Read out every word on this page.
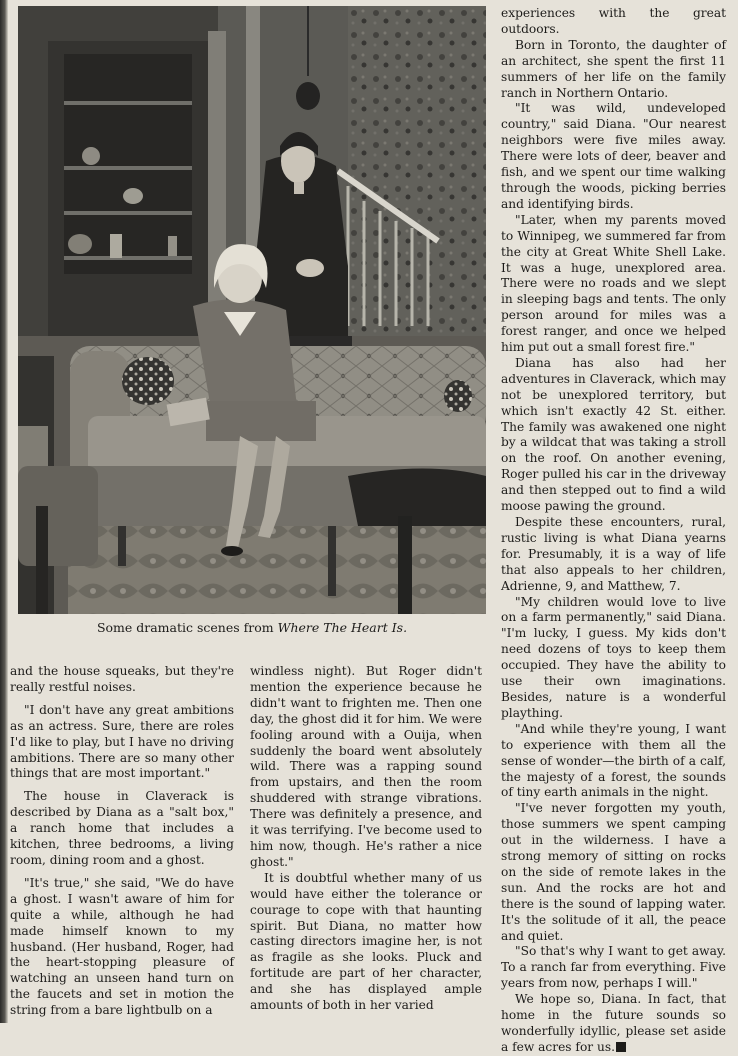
Some dramatic scenes from Where The Heart Is.

and the house squeaks, but they're really restful noises.

"I don't have any great ambitions as an actress. Sure, there are roles I'd like to play, but I have no driving ambitions. There are so many other things that are most important."

The house in Claverack is described by Diana as a "salt box," a ranch home that includes a kitchen, three bedrooms, a living room, dining room and a ghost.

"It's true," she said, "We do have a ghost. I wasn't aware of him for quite a while, although he had made himself known to my husband. (Her husband, Roger, had the heart-stopping pleasure of watching an unseen hand turn on the faucets and set in motion the string from a bare lightbulb on a

windless night). But Roger didn't mention the experience because he didn't want to frighten me. Then one day, the ghost did it for him. We were fooling around with a Ouija, when suddenly the board went absolutely wild. There was a rapping sound from upstairs, and then the room shuddered with strange vibrations. There was definitely a presence, and it was terrifying. I've become used to him now, though. He's rather a nice ghost."

It is doubtful whether many of us would have either the tolerance or courage to cope with that haunting spirit. But Diana, no matter how casting directors imagine her, is not as fragile as she looks. Pluck and fortitude are part of her character, and she has displayed ample amounts of both in her varied

experiences with the great outdoors.

Born in Toronto, the daughter of an architect, she spent the first 11 summers of her life on the family ranch in Northern Ontario.

"It was wild, undeveloped country," said Diana. "Our nearest neighbors were five miles away. There were lots of deer, beaver and fish, and we spent our time walking through the woods, picking berries and identifying birds.

"Later, when my parents moved to Winnipeg, we summered far from the city at Great White Shell Lake. It was a huge, unexplored area. There were no roads and we slept in sleeping bags and tents. The only person around for miles was a forest ranger, and once we helped him put out a small forest fire."

Diana has also had her adventures in Claverack, which may not be unexplored territory, but which isn't exactly 42 St. either. The family was awakened one night by a wildcat that was taking a stroll on the roof. On another evening, Roger pulled his car in the driveway and then stepped out to find a wild moose pawing the ground.

Despite these encounters, rural, rustic living is what Diana yearns for. Presumably, it is a way of life that also appeals to her children, Adrienne, 9, and Matthew, 7.

"My children would love to live on a farm permanently," said Diana. "I'm lucky, I guess. My kids don't need dozens of toys to keep them occupied. They have the ability to use their own imaginations. Besides, nature is a wonderful plaything.

"And while they're young, I want to experience with them all the sense of wonder—the birth of a calf, the majesty of a forest, the sounds of tiny earth animals in the night.

"I've never forgotten my youth, those summers we spent camping out in the wilderness. I have a strong memory of sitting on rocks on the side of remote lakes in the sun. And the rocks are hot and there is the sound of lapping water. It's the solitude of it all, the peace and quiet.

"So that's why I want to get away. To a ranch far from everything. Five years from now, perhaps I will."

We hope so, Diana. In fact, that home in the future sounds so wonderfully idyllic, please set aside a few acres for us.
